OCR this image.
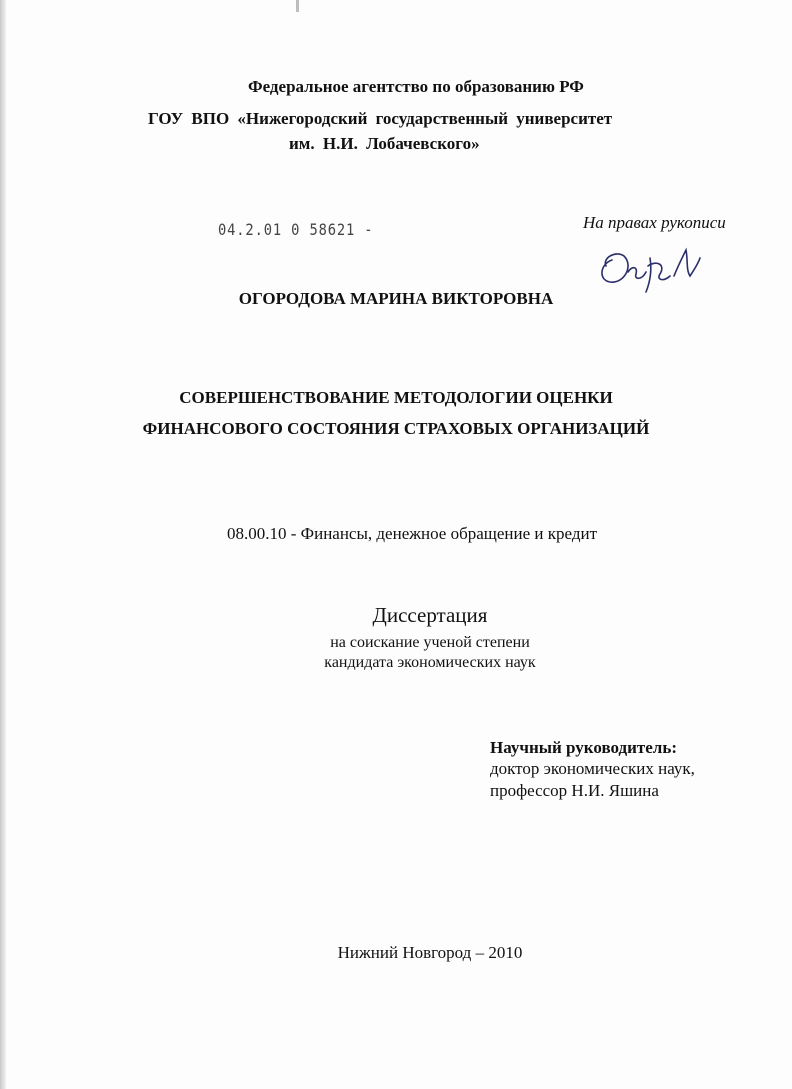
Федеральное агентство по образованию РФ
ГОУ ВПО «Нижегородский государственный университет
им. Н.И. Лобачевского»
04.2.01 0 58621 -	На правах рукописи
ОГОРОДОВА МАРИНА ВИКТОРОВНА
СОВЕРШЕНСТВОВАНИЕ МЕТОДОЛОГИИ ОЦЕНКИ
ФИНАНСОВОГО СОСТОЯНИЯ СТРАХОВЫХ ОРГАНИЗАЦИЙ
08.00.10 - Финансы, денежное обращение и кредит
Диссертация
на соискание ученой степени
кандидата экономических наук
Научный руководитель:
доктор экономических наук,
профессор Н.И. Яшина
Нижний Новгород – 2010
